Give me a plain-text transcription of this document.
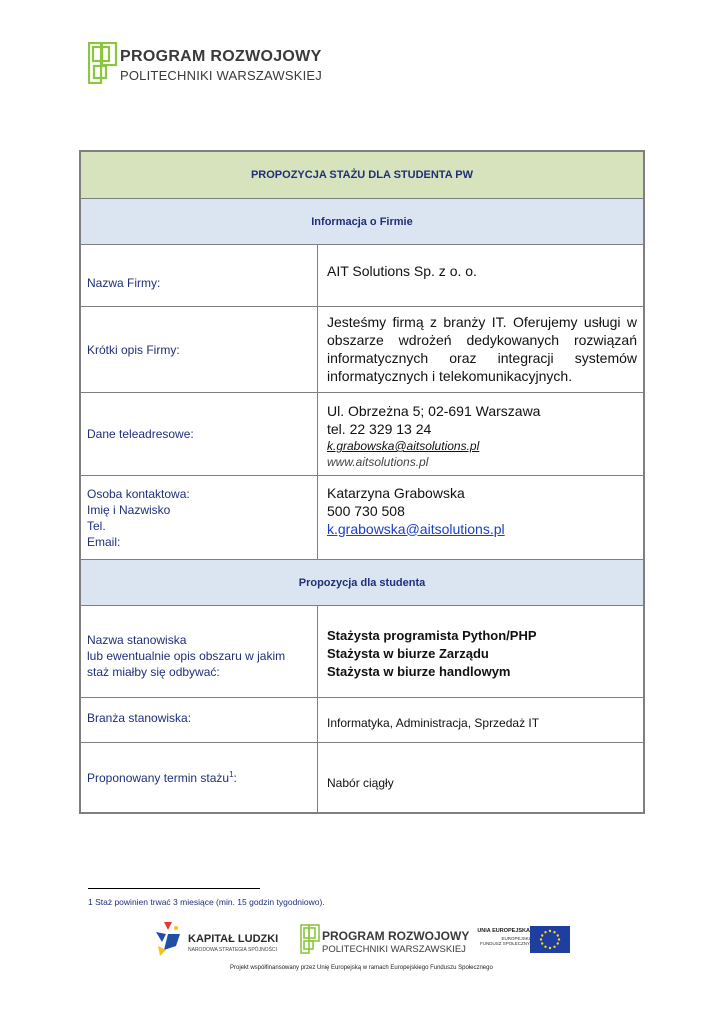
PROGRAM ROZWOJOWY
POLITECHNIKI WARSZAWSKIEJ
PROPOZYCJA STAŻU DLA STUDENTA PW
Informacja o Firmie
Nazwa Firmy:
AIT Solutions Sp. z o. o.
Krótki opis Firmy:
Jesteśmy firmą z branży IT. Oferujemy usługi w obszarze wdrożeń dedykowanych rozwiązań informatycznych oraz integracji systemów informatycznych i telekomunikacyjnych.
Dane teleadresowe:
Ul. Obrzeżna 5; 02-691 Warszawa
tel. 22 329 13 24
k.grabowska@aitsolutions.pl
www.aitsolutions.pl
Osoba kontaktowa:
Imię i Nazwisko
Tel.
Email:
Katarzyna Grabowska
500 730 508
k.grabowska@aitsolutions.pl
Propozycja dla studenta
Nazwa stanowiska
lub ewentualnie opis obszaru w jakim
staż miałby się odbywać:
Stażysta programista Python/PHP
Stażysta w biurze Zarządu
Stażysta w biurze handlowym
Branża stanowiska:	Informatyka, Administracja, Sprzedaż IT
Proponowany termin stażu$^1$:	Nabór ciągły
1 Staż powinien trwać 3 miesiące (min. 15 godzin tygodniowo).
KAPITAŁ LUDZKI
NARODOWA STRATEGIA SPÓJNOŚCI
PROGRAM ROZWOJOWY
POLITECHNIKI WARSZAWSKIEJ
UNIA EUROPEJSKA
EUROPEJSKI
FUNDUSZ SPOŁECZNY
Projekt współfinansowany przez Unię Europejską w ramach Europejskiego Funduszu Społecznego
